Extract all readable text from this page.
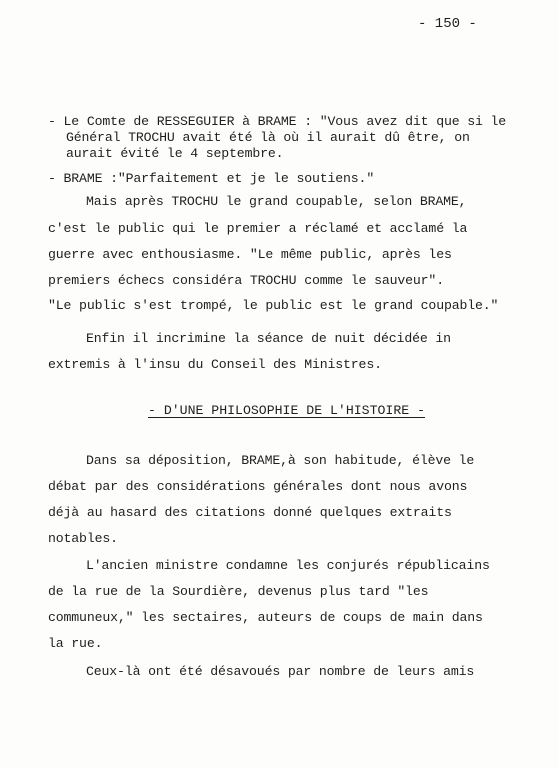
- 150 -
- Le Comte de RESSEGUIER à BRAME : "Vous avez dit que si le
Général TROCHU avait été là où il aurait dû être, on
aurait évité le 4 septembre.
- BRAME :"Parfaitement et je le soutiens."
Mais après TROCHU le grand coupable, selon BRAME,
c'est le public qui le premier a réclamé et acclamé la
guerre avec enthousiasme. "Le même public, après les
premiers échecs considéra TROCHU comme le sauveur".
"Le public s'est trompé, le public est le grand coupable."
Enfin il incrimine la séance de nuit décidée in
extremis à l'insu du Conseil des Ministres.
- D'UNE PHILOSOPHIE DE L'HISTOIRE -
Dans sa déposition, BRAME,à son habitude, élève le
débat par des considérations générales dont nous avons
déjà au hasard des citations donné quelques extraits
notables.
L'ancien ministre condamne les conjurés républicains
de la rue de la Sourdière, devenus plus tard "les
communeux," les sectaires, auteurs de coups de main dans
la rue.
Ceux-là ont été désavoués par nombre de leurs amis
